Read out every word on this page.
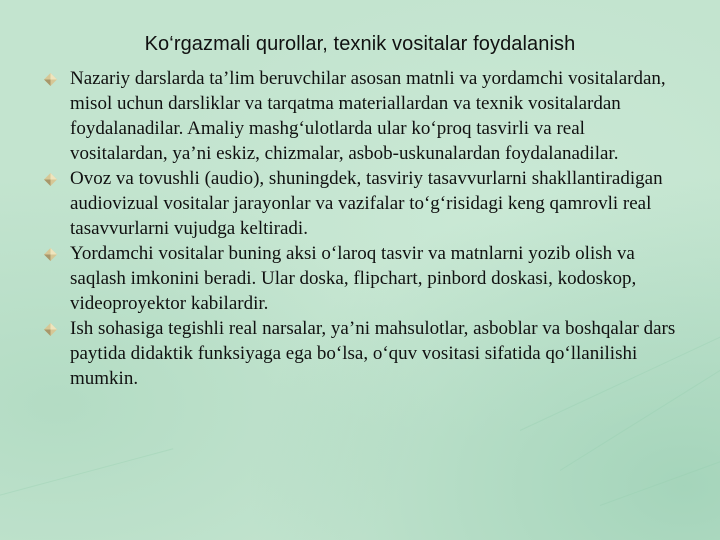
Ko‘rgazmali qurollar, texnik vositalar foydalanish
Nazariy darslarda ta’lim beruvchilar asosan matnli va yordamchi vositalardan, misol uchun darsliklar va tarqatma materiallardan va texnik vositalardan foydalanadilar. Amaliy mashg‘ulotlarda ular ko‘proq tasvirli va real vositalardan, ya’ni eskiz, chizmalar, asbob-uskunalardan foydalanadilar.
Ovoz va tovushli (audio), shuningdek, tasviriy tasavvurlarni shakllantiradigan audiovizual vositalar jarayonlar va vazifalar to‘g‘risidagi keng qamrovli real tasavvurlarni vujudga keltiradi.
Yordamchi vositalar buning aksi o‘laroq tasvir va matnlarni yozib olish va saqlash imkonini beradi. Ular doska, flipchart, pinbord doskasi, kodoskop, videoproyektor kabilardir.
Ish sohasiga tegishli real narsalar, ya’ni mahsulotlar, asboblar va boshqalar dars paytida didaktik funksiyaga ega bo‘lsa, o‘quv vositasi sifatida qo‘llanilishi mumkin.
